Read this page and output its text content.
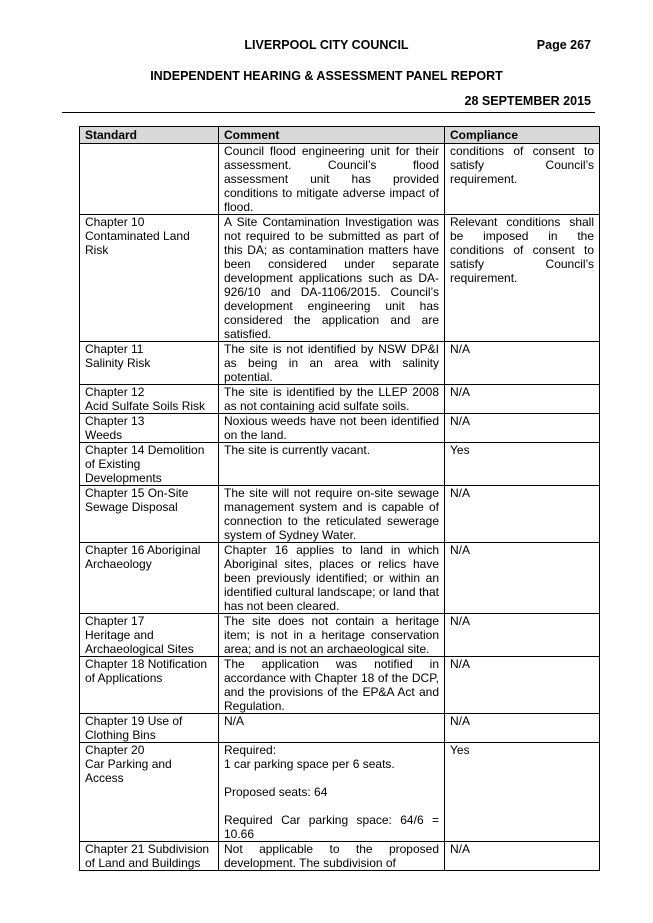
LIVERPOOL CITY COUNCIL	Page 267
INDEPENDENT HEARING & ASSESSMENT PANEL REPORT
28 SEPTEMBER 2015
Standard	Comment	Compliance

	Council flood engineering unit for their assessment. Council’s flood assessment unit has provided conditions to mitigate adverse impact of flood.	conditions of consent to satisfy Council’s requirement.

Chapter 10
Contaminated Land Risk	A Site Contamination Investigation was not required to be submitted as part of this DA; as contamination matters have been considered under separate development applications such as DA-926/10 and DA-1106/2015. Council’s development engineering unit has considered the application and are satisfied.	Relevant conditions shall be imposed in the conditions of consent to satisfy Council’s requirement.

Chapter 11
Salinity Risk	The site is not identified by NSW DP&I as being in an area with salinity potential.	N/A

Chapter 12
Acid Sulfate Soils Risk	The site is identified by the LLEP 2008 as not containing acid sulfate soils.	N/A

Chapter 13
Weeds	Noxious weeds have not been identified on the land.	N/A

Chapter 14 Demolition of Existing Developments	The site is currently vacant.	Yes

Chapter 15 On-Site Sewage Disposal	The site will not require on-site sewage management system and is capable of connection to the reticulated sewerage system of Sydney Water.	N/A

Chapter 16 Aboriginal Archaeology	Chapter 16 applies to land in which Aboriginal sites, places or relics have been previously identified; or within an identified cultural landscape; or land that has not been cleared.	N/A

Chapter 17
Heritage and Archaeological Sites	The site does not contain a heritage item; is not in a heritage conservation area; and is not an archaeological site.	N/A

Chapter 18 Notification of Applications	The application was notified in accordance with Chapter 18 of the DCP, and the provisions of the EP&A Act and Regulation.	N/A

Chapter 19 Use of Clothing Bins	N/A	N/A

Chapter 20
Car Parking and Access	Required:
1 car parking space per 6 seats.
Proposed seats: 64
Required Car parking space: 64/6 = 10.66	Yes

Chapter 21 Subdivision of Land and Buildings	Not applicable to the proposed development. The subdivision of	N/A
